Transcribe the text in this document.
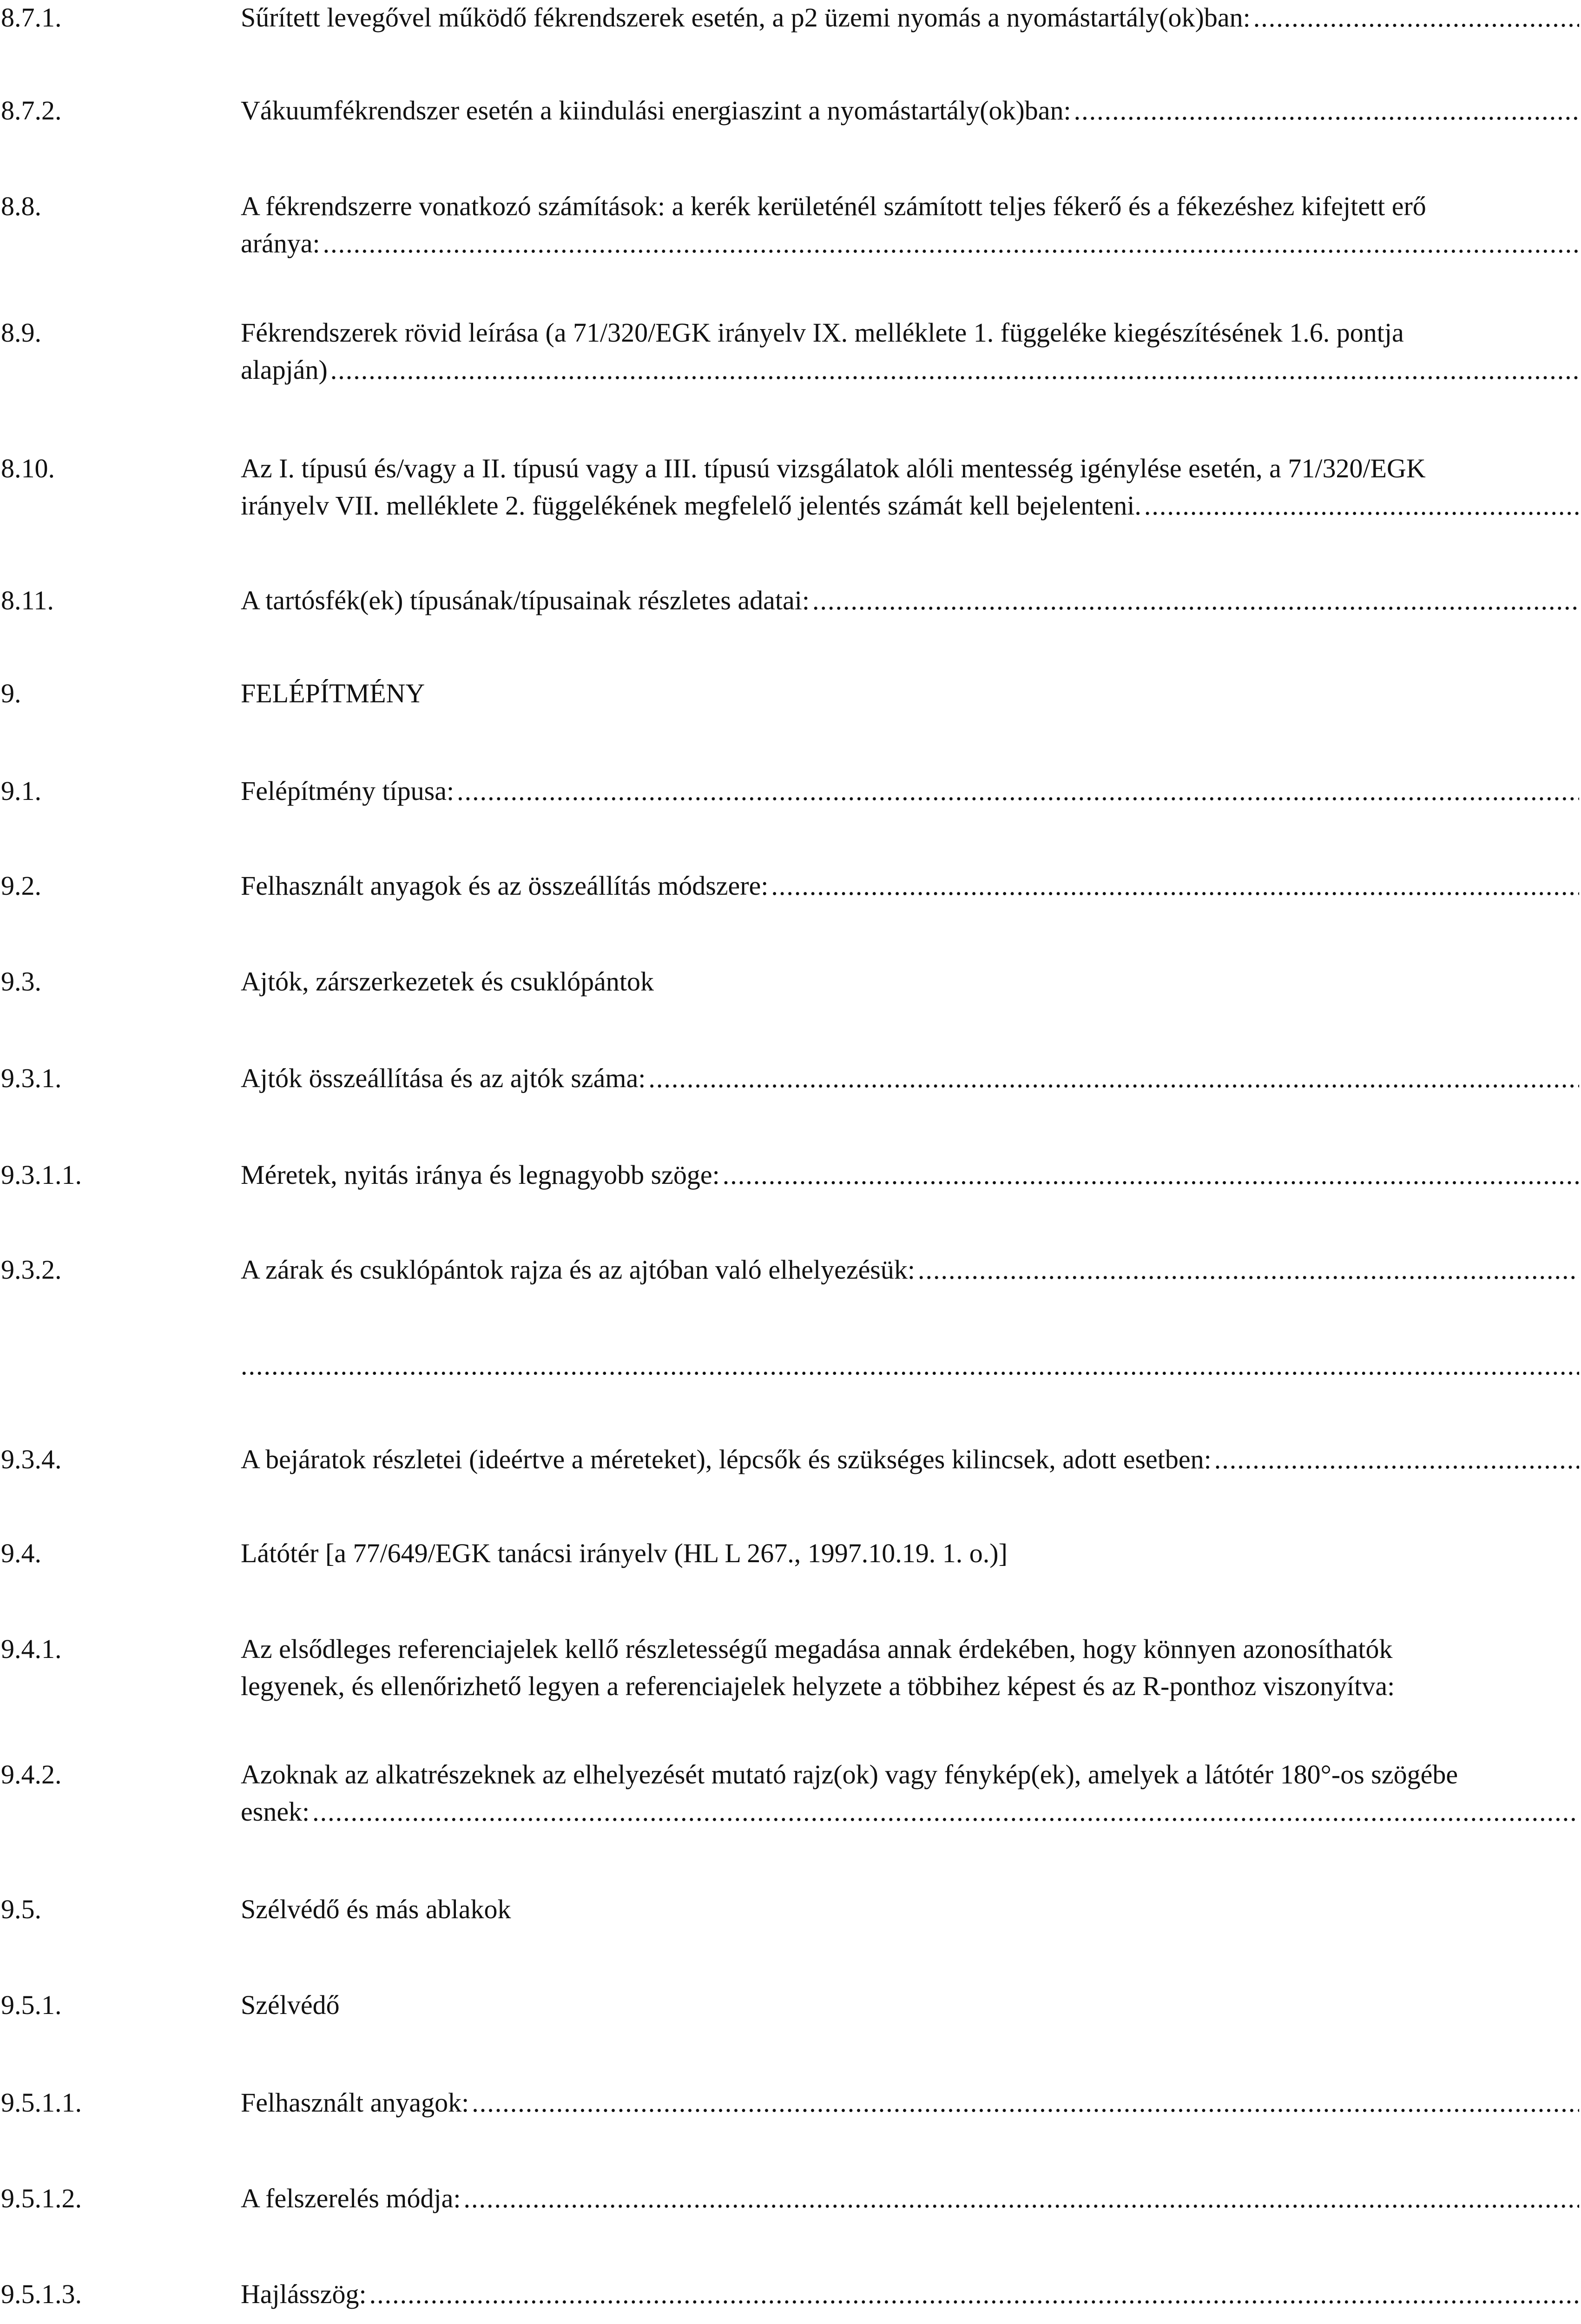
8.7.1.	Sűrített levegővel működő fékrendszerek esetén, a p2 üzemi nyomás a nyomástartály(ok)ban:
.....
8.7.2.	Vákuumfékrendszer esetén a kiindulási energiaszint a nyomástartály(ok)ban:
.....
8.8.	A fékrendszerre vonatkozó számítások: a kerék kerületénél számított teljes fékerő és a fékezéshez kifejtett erő
aránya:
.....
8.9.	Fékrendszerek rövid leírása (a 71/320/EGK irányelv IX. melléklete 1. függeléke kiegészítésének 1.6. pontja
alapján)
.....
8.10.	Az I. típusú és/vagy a II. típusú vagy a III. típusú vizsgálatok alóli mentesség igénylése esetén, a 71/320/EGK
irányelv VII. melléklete 2. függelékének megfelelő jelentés számát kell bejelenteni.
.....
8.11.	A tartósfék(ek) típusának/típusainak részletes adatai:
.....
9.	FELÉPÍTMÉNY
9.1.	Felépítmény típusa:
.....
9.2.	Felhasznált anyagok és az összeállítás módszere:
.....
9.3.	Ajtók, zárszerkezetek és csuklópántok
9.3.1.	Ajtók összeállítása és az ajtók száma:
.....
9.3.1.1.	Méretek, nyitás iránya és legnagyobb szöge:
.....
9.3.2.	A zárak és csuklópántok rajza és az ajtóban való elhelyezésük:
.....
.....
9.3.4.	A bejáratok részletei (ideértve a méreteket), lépcsők és szükséges kilincsek, adott esetben:
.....
9.4.	Látótér [a 77/649/EGK tanácsi irányelv (HL L 267., 1997.10.19. 1. o.)]
9.4.1.	Az elsődleges referenciajelek kellő részletességű megadása annak érdekében, hogy könnyen azonosíthatók
legyenek, és ellenőrizhető legyen a referenciajelek helyzete a többihez képest és az R-ponthoz viszonyítva:
9.4.2.	Azoknak az alkatrészeknek az elhelyezését mutató rajz(ok) vagy fénykép(ek), amelyek a látótér 180°-os szögébe
esnek:
.....
9.5.	Szélvédő és más ablakok
9.5.1.	Szélvédő
9.5.1.1.	Felhasznált anyagok:
.....
9.5.1.2.	A felszerelés módja:
.....
9.5.1.3.	Hajlásszög:
.....
